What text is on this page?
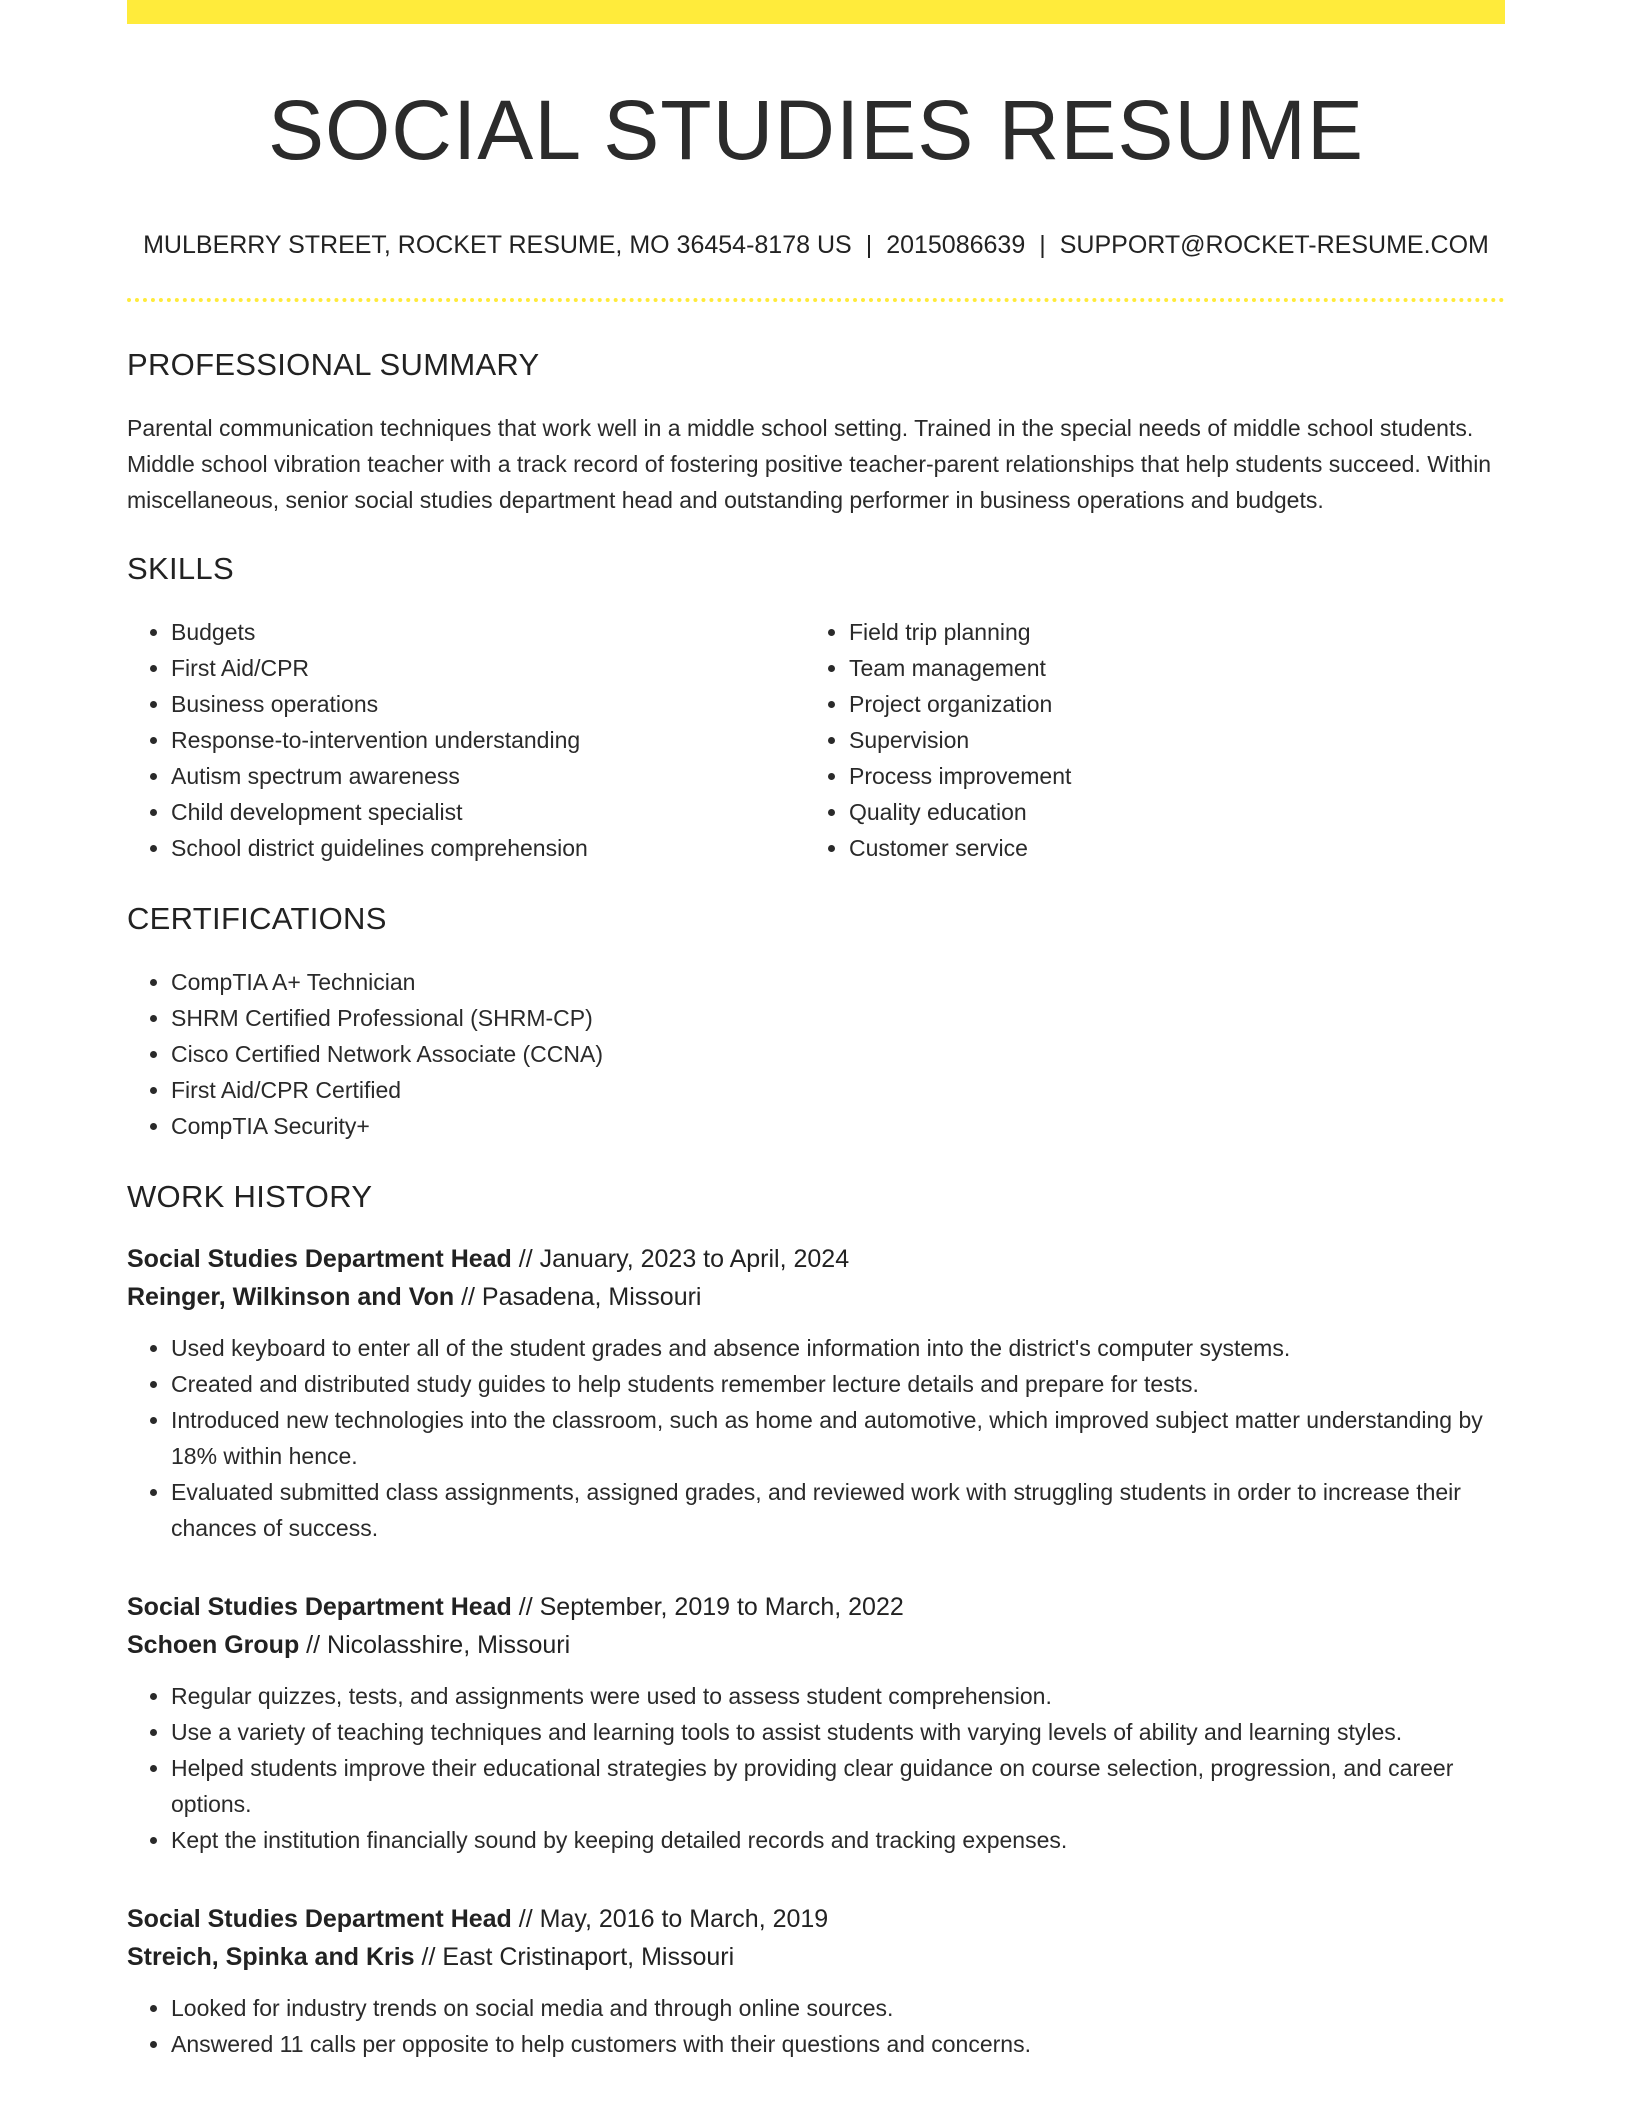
SOCIAL STUDIES RESUME
MULBERRY STREET, ROCKET RESUME, MO 36454-8178 US | 2015086639 | SUPPORT@ROCKET-RESUME.COM
PROFESSIONAL SUMMARY

Parental communication techniques that work well in a middle school setting. Trained in the special needs of middle school students. Middle school vibration teacher with a track record of fostering positive teacher-parent relationships that help students succeed. Within miscellaneous, senior social studies department head and outstanding performer in business operations and budgets.

SKILLS
• Budgets
• First Aid/CPR
• Business operations
• Response-to-intervention understanding
• Autism spectrum awareness
• Child development specialist
• School district guidelines comprehension
• Field trip planning
• Team management
• Project organization
• Supervision
• Process improvement
• Quality education
• Customer service
CERTIFICATIONS
• CompTIA A+ Technician
• SHRM Certified Professional (SHRM-CP)
• Cisco Certified Network Associate (CCNA)
• First Aid/CPR Certified
• CompTIA Security+
WORK HISTORY
Social Studies Department Head // January, 2023 to April, 2024
Reinger, Wilkinson and Von // Pasadena, Missouri
• Used keyboard to enter all of the student grades and absence information into the district's computer systems.
• Created and distributed study guides to help students remember lecture details and prepare for tests.
• Introduced new technologies into the classroom, such as home and automotive, which improved subject matter understanding by 18% within hence.
• Evaluated submitted class assignments, assigned grades, and reviewed work with struggling students in order to increase their chances of success.
Social Studies Department Head // September, 2019 to March, 2022
Schoen Group // Nicolasshire, Missouri
• Regular quizzes, tests, and assignments were used to assess student comprehension.
• Use a variety of teaching techniques and learning tools to assist students with varying levels of ability and learning styles.
• Helped students improve their educational strategies by providing clear guidance on course selection, progression, and career options.
• Kept the institution financially sound by keeping detailed records and tracking expenses.
Social Studies Department Head // May, 2016 to March, 2019
Streich, Spinka and Kris // East Cristinaport, Missouri
• Looked for industry trends on social media and through online sources.
• Answered 11 calls per opposite to help customers with their questions and concerns.
